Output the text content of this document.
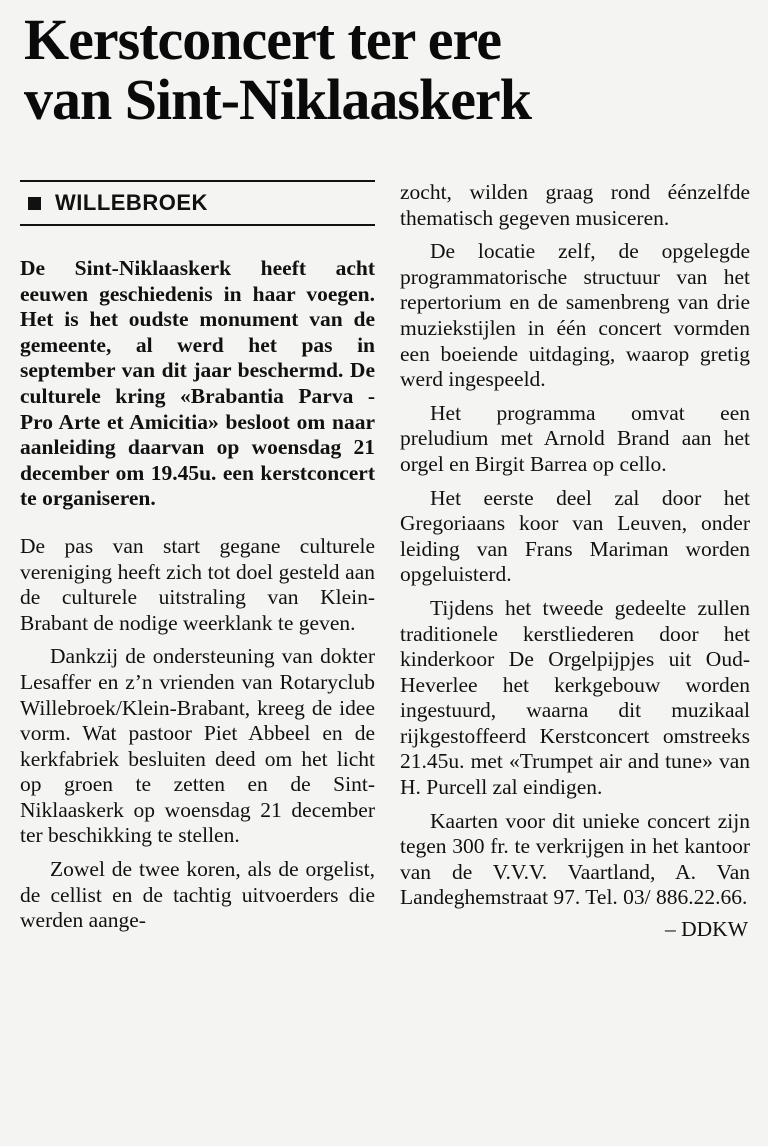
Kerstconcert ter ere
van Sint-Niklaaskerk
WILLEBROEK

De Sint-Niklaaskerk heeft acht eeuwen geschiedenis in haar voegen. Het is het oudste monument van de gemeente, al werd het pas in september van dit jaar beschermd. De culturele kring «Brabantia Parva - Pro Arte et Amicitia» besloot om naar aanleiding daarvan op woensdag 21 december om 19.45u. een kerstconcert te organiseren.

De pas van start gegane culturele vereniging heeft zich tot doel gesteld aan de culturele uitstraling van Klein-Brabant de nodige weerklank te geven.

Dankzij de ondersteuning van dokter Lesaffer en z’n vrienden van Rotaryclub Willebroek/Klein-Brabant, kreeg de idee vorm. Wat pastoor Piet Abbeel en de kerkfabriek besluiten deed om het licht op groen te zetten en de Sint-Niklaaskerk op woensdag 21 december ter beschikking te stellen.

Zowel de twee koren, als de orgelist, de cellist en de tachtig uitvoerders die werden aange-

zocht, wilden graag rond éénzelfde thematisch gegeven musiceren.

De locatie zelf, de opgelegde programmatorische structuur van het repertorium en de samenbreng van drie muziekstijlen in één concert vormden een boeiende uitdaging, waarop gretig werd ingespeeld.

Het programma omvat een preludium met Arnold Brand aan het orgel en Birgit Barrea op cello.

Het eerste deel zal door het Gregoriaans koor van Leuven, onder leiding van Frans Mariman worden opgeluisterd.

Tijdens het tweede gedeelte zullen traditionele kerstliederen door het kinderkoor De Orgelpijpjes uit Oud-Heverlee het kerkgebouw worden ingestuurd, waarna dit muzikaal rijkgestoffeerd Kerstconcert omstreeks 21.45u. met «Trumpet air and tune» van H. Purcell zal eindigen.

Kaarten voor dit unieke concert zijn tegen 300 fr. te verkrijgen in het kantoor van de V.V.V. Vaartland, A. Van Landeghemstraat 97. Tel. 03/ 886.22.66.

– DDKW
